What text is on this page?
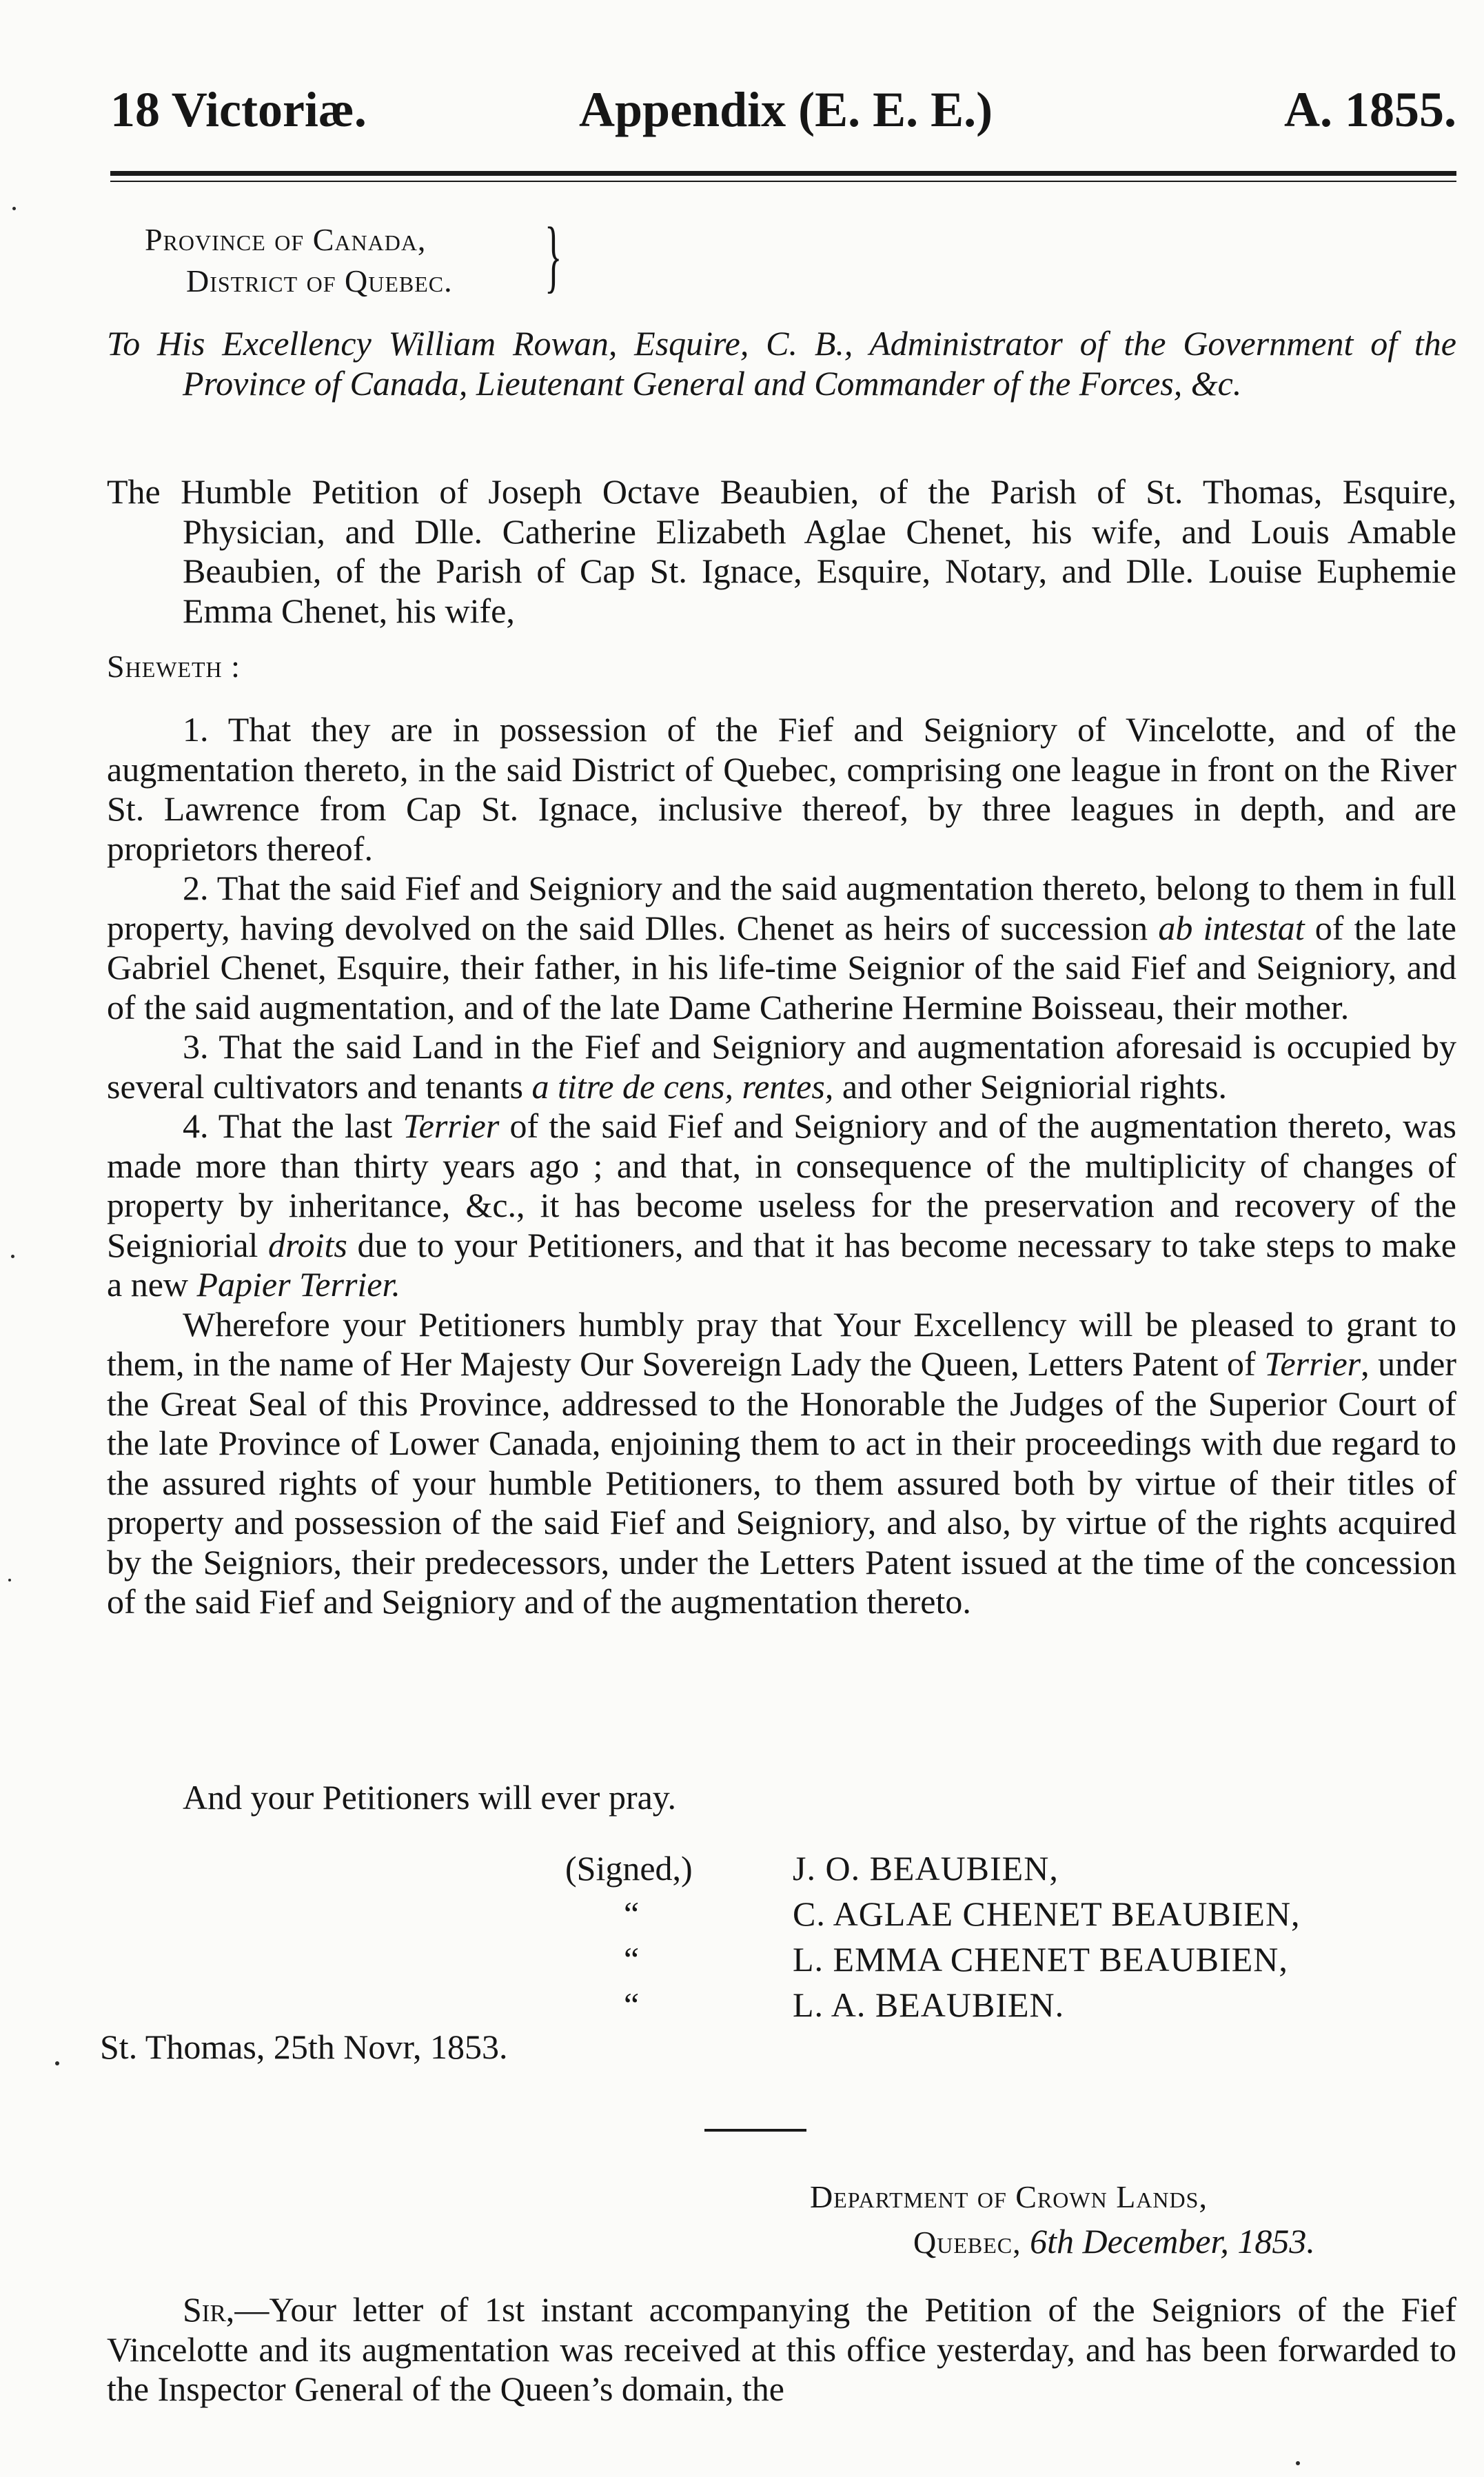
18 Victoriæ.	Appendix (E. E. E.)	A. 1855.
Province of Canada,
District of Quebec. }
To His Excellency William Rowan, Esquire, C. B., Administrator of the Government of the Province of Canada, Lieutenant General and Commander of the Forces, &c.
The Humble Petition of Joseph Octave Beaubien, of the Parish of St. Thomas, Esquire, Physician, and Dlle. Catherine Elizabeth Aglae Chenet, his wife, and Louis Amable Beaubien, of the Parish of Cap St. Ignace, Esquire, Notary, and Dlle. Louise Euphemie Emma Chenet, his wife,
Sheweth :

1. That they are in possession of the Fief and Seigniory of Vincelotte, and of the augmentation thereto, in the said District of Quebec, comprising one league in front on the River St. Lawrence from Cap St. Ignace, inclusive thereof, by three leagues in depth, and are proprietors thereof.

2. That the said Fief and Seigniory and the said augmentation thereto, belong to them in full property, having devolved on the said Dlles. Chenet as heirs of succession ab intestat of the late Gabriel Chenet, Esquire, their father, in his life-time Seignior of the said Fief and Seigniory, and of the said augmentation, and of the late Dame Catherine Hermine Boisseau, their mother.

3. That the said Land in the Fief and Seigniory and augmentation aforesaid is occupied by several cultivators and tenants a titre de cens, rentes, and other Seigniorial rights.

4. That the last Terrier of the said Fief and Seigniory and of the augmentation thereto, was made more than thirty years ago ; and that, in consequence of the multiplicity of changes of property by inheritance, &c., it has become useless for the preservation and recovery of the Seigniorial droits due to your Petitioners, and that it has become necessary to take steps to make a new Papier Terrier.

Wherefore your Petitioners humbly pray that Your Excellency will be pleased to grant to them, in the name of Her Majesty Our Sovereign Lady the Queen, Letters Patent of Terrier, under the Great Seal of this Province, addressed to the Honorable the Judges of the Superior Court of the late Province of Lower Canada, enjoining them to act in their proceedings with due regard to the assured rights of your humble Petitioners, to them assured both by virtue of their titles of property and possession of the said Fief and Seigniory, and also, by virtue of the rights acquired by the Seigniors, their predecessors, under the Letters Patent issued at the time of the concession of the said Fief and Seigniory and of the augmentation thereto.

And your Petitioners will ever pray.
(Signed,)	J. O. BEAUBIEN,
“	C. AGLAE CHENET BEAUBIEN,
“	L. EMMA CHENET BEAUBIEN,
“	L. A. BEAUBIEN.
St. Thomas, 25th Novr, 1853.
Department of Crown Lands,
Quebec, 6th December, 1853.

Sir,—Your letter of 1st instant accompanying the Petition of the Seigniors of the Fief Vincelotte and its augmentation was received at this office yesterday, and has been forwarded to the Inspector General of the Queen’s domain, the
